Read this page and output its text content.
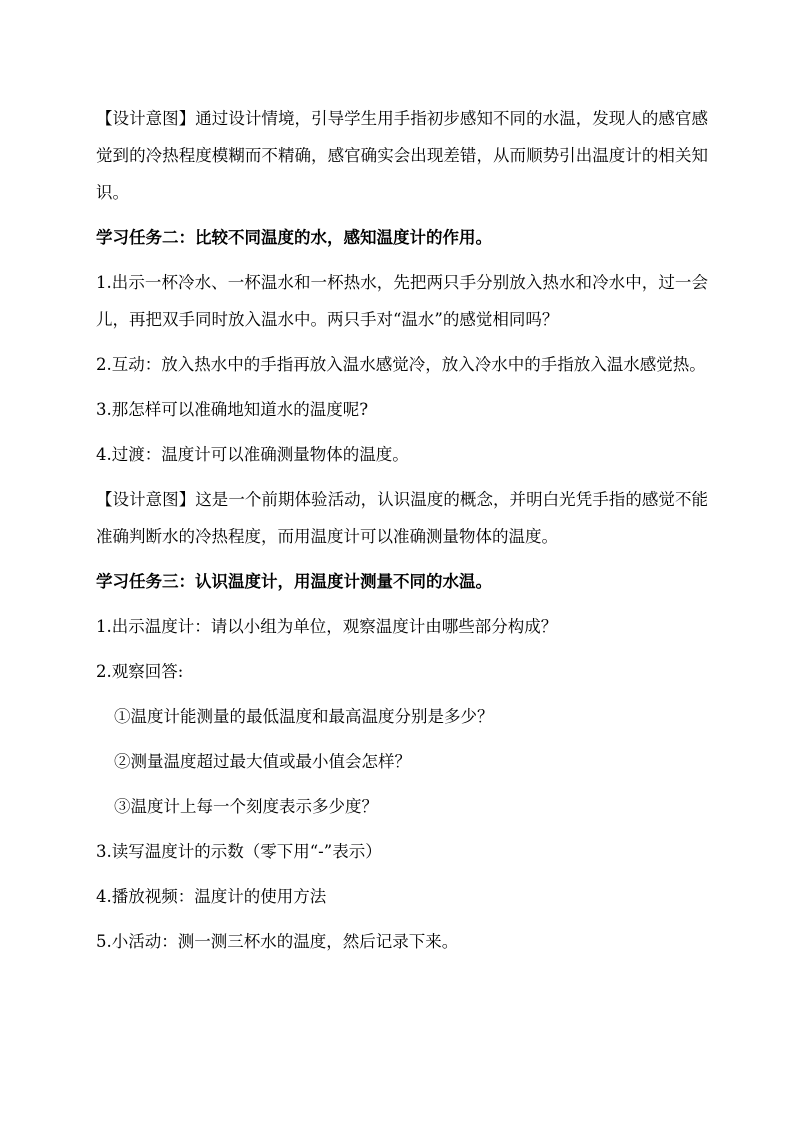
【设计意图】通过设计情境，引导学生用手指初步感知不同的水温，发现人的感官感觉到的冷热程度模糊而不精确，感官确实会出现差错，从而顺势引出温度计的相关知识。

学习任务二：比较不同温度的水，感知温度计的作用。

1.出示一杯冷水、一杯温水和一杯热水，先把两只手分别放入热水和冷水中，过一会儿，再把双手同时放入温水中。两只手对“温水”的感觉相同吗？

2.互动：放入热水中的手指再放入温水感觉冷，放入冷水中的手指放入温水感觉热。

3.那怎样可以准确地知道水的温度呢?

4.过渡：温度计可以准确测量物体的温度。

【设计意图】这是一个前期体验活动，认识温度的概念，并明白光凭手指的感觉不能准确判断水的冷热程度，而用温度计可以准确测量物体的温度。

学习任务三：认识温度计，用温度计测量不同的水温。

1.出示温度计：请以小组为单位，观察温度计由哪些部分构成？

2.观察回答:

①温度计能测量的最低温度和最高温度分别是多少？

②测量温度超过最大值或最小值会怎样？

③温度计上每一个刻度表示多少度？

3.读写温度计的示数（零下用“-”表示）

4.播放视频：温度计的使用方法

5.小活动：测一测三杯水的温度，然后记录下来。
